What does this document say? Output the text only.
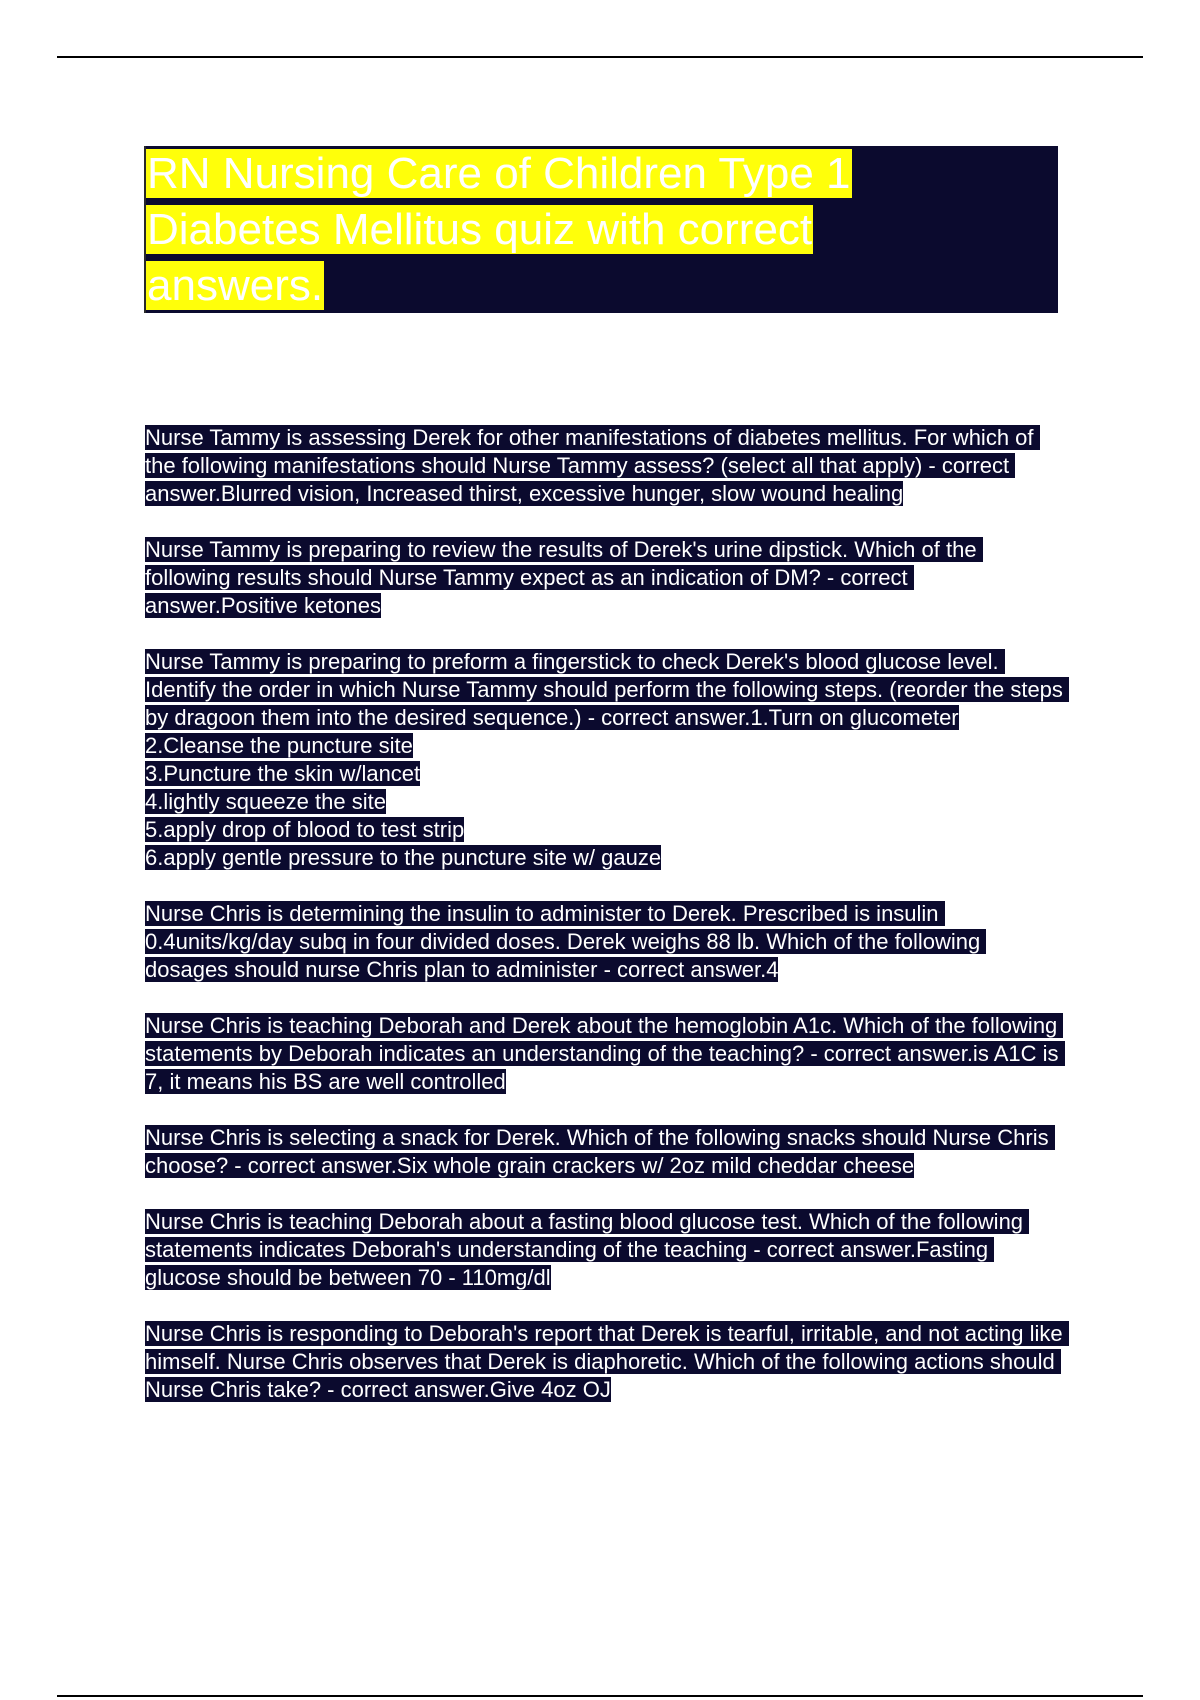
RN Nursing Care of Children Type 1 Diabetes Mellitus quiz with correct answers.

Nurse Tammy is assessing Derek for other manifestations of diabetes mellitus. For which of the following manifestations should Nurse Tammy assess? (select all that apply) - correct answer.Blurred vision, Increased thirst, excessive hunger, slow wound healing

Nurse Tammy is preparing to review the results of Derek's urine dipstick. Which of the following results should Nurse Tammy expect as an indication of DM? - correct answer.Positive ketones

Nurse Tammy is preparing to preform a fingerstick to check Derek's blood glucose level. Identify the order in which Nurse Tammy should perform the following steps. (reorder the steps by dragoon them into the desired sequence.) - correct answer.1.Turn on glucometer
2.Cleanse the puncture site
3.Puncture the skin w/lancet
4.lightly squeeze the site
5.apply drop of blood to test strip
6.apply gentle pressure to the puncture site w/ gauze

Nurse Chris is determining the insulin to administer to Derek. Prescribed is insulin 0.4units/kg/day subq in four divided doses. Derek weighs 88 lb. Which of the following dosages should nurse Chris plan to administer - correct answer.4

Nurse Chris is teaching Deborah and Derek about the hemoglobin A1c. Which of the following statements by Deborah indicates an understanding of the teaching? - correct answer.is A1C is 7, it means his BS are well controlled

Nurse Chris is selecting a snack for Derek. Which of the following snacks should Nurse Chris choose? - correct answer.Six whole grain crackers w/ 2oz mild cheddar cheese

Nurse Chris is teaching Deborah about a fasting blood glucose test. Which of the following statements indicates Deborah's understanding of the teaching - correct answer.Fasting glucose should be between 70 - 110mg/dl

Nurse Chris is responding to Deborah's report that Derek is tearful, irritable, and not acting like himself. Nurse Chris observes that Derek is diaphoretic. Which of the following actions should Nurse Chris take? - correct answer.Give 4oz OJ
